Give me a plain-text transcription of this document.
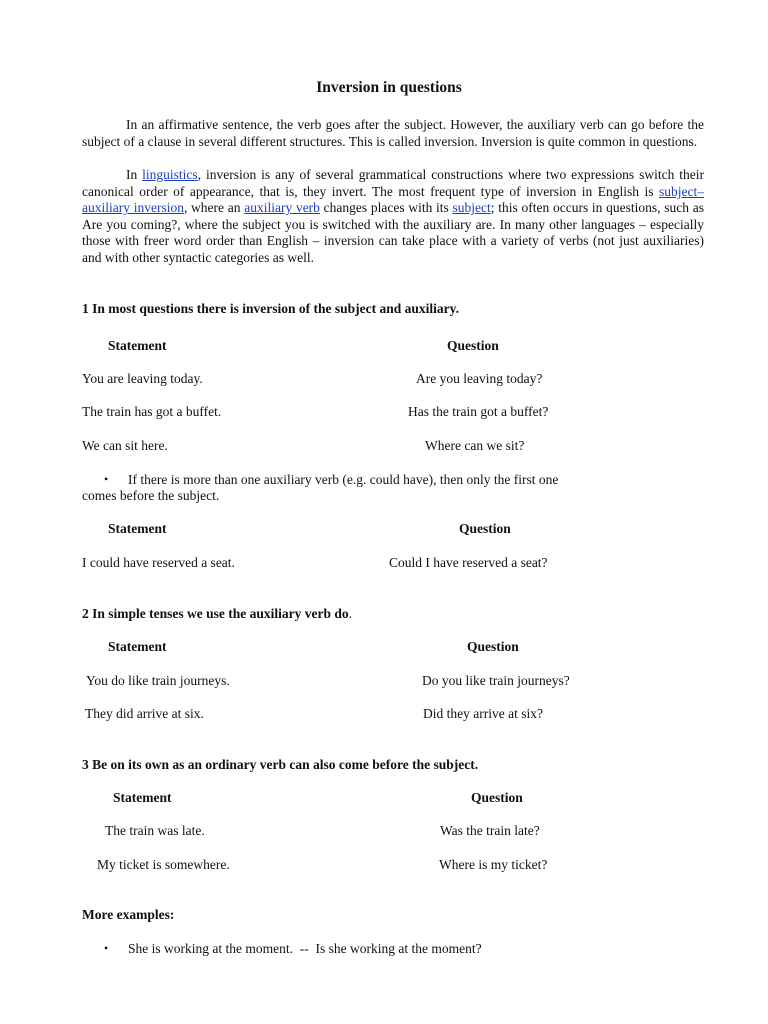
Inversion in questions
In an affirmative sentence, the verb goes after the subject. However, the auxiliary verb can go before the subject of a clause in several different structures. This is called inversion. Inversion is quite common in questions.
In linguistics, inversion is any of several grammatical constructions where two expressions switch their canonical order of appearance, that is, they invert. The most frequent type of inversion in English is subject–auxiliary inversion, where an auxiliary verb changes places with its subject; this often occurs in questions, such as Are you coming?, where the subject you is switched with the auxiliary are. In many other languages – especially those with freer word order than English – inversion can take place with a variety of verbs (not just auxiliaries) and with other syntactic categories as well.
1 In most questions there is inversion of the subject and auxiliary.
Statement	Question
You are leaving today.	Are you leaving today?
The train has got a buffet.	Has the train got a buffet?
We can sit here.	Where can we sit?
• If there is more than one auxiliary verb (e.g. could have), then only the first one
comes before the subject.
Statement	Question
I could have reserved a seat.	Could I have reserved a seat?
2 In simple tenses we use the auxiliary verb do.
Statement	Question
You do like train journeys.	Do you like train journeys?
They did arrive at six.	Did they arrive at six?
3 Be on its own as an ordinary verb can also come before the subject.
Statement	Question
The train was late.	Was the train late?
My ticket is somewhere.	Where is my ticket?
More examples:
• She is working at the moment.  --  Is she working at the moment?
